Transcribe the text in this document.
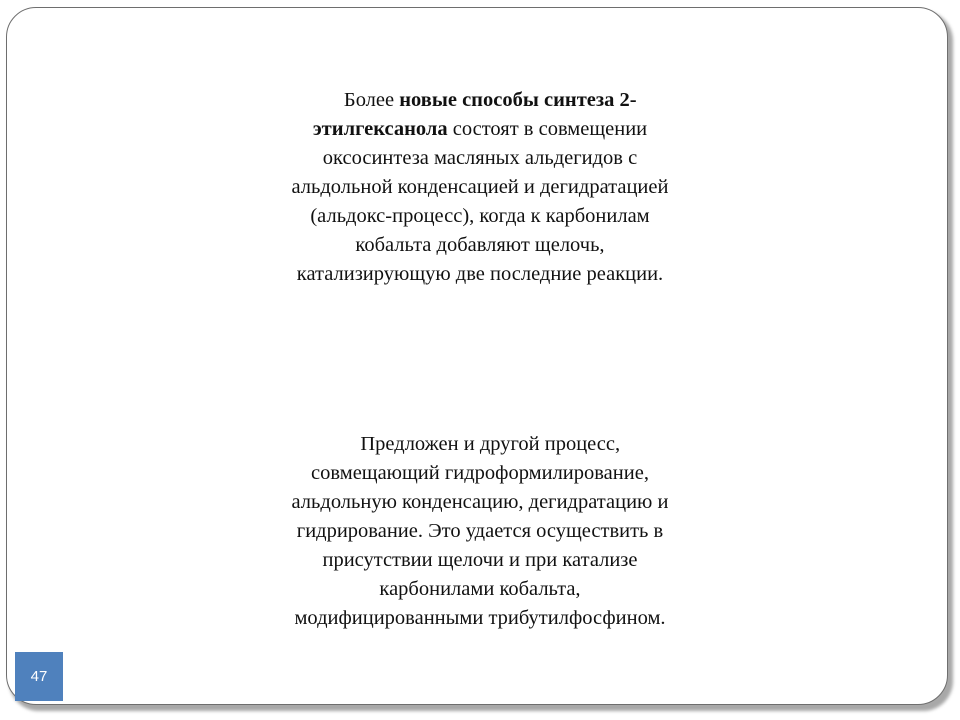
  Более новые способы синтеза 2-
этилгексанола состоят в совмещении
оксосинтеза масляных альдегидов с
альдольной конденсацией и дегидратацией
(альдокс-процесс), когда к карбонилам
кобальта добавляют щелочь,
катализирующую две последние реакции.
  Предложен и другой процесс,
совмещающий гидроформилирование,
альдольную конденсацию, дегидратацию и
гидрирование. Это удается осуществить в
присутствии щелочи и при катализе
карбонилами кобальта,
модифицированными трибутилфосфином.
47
